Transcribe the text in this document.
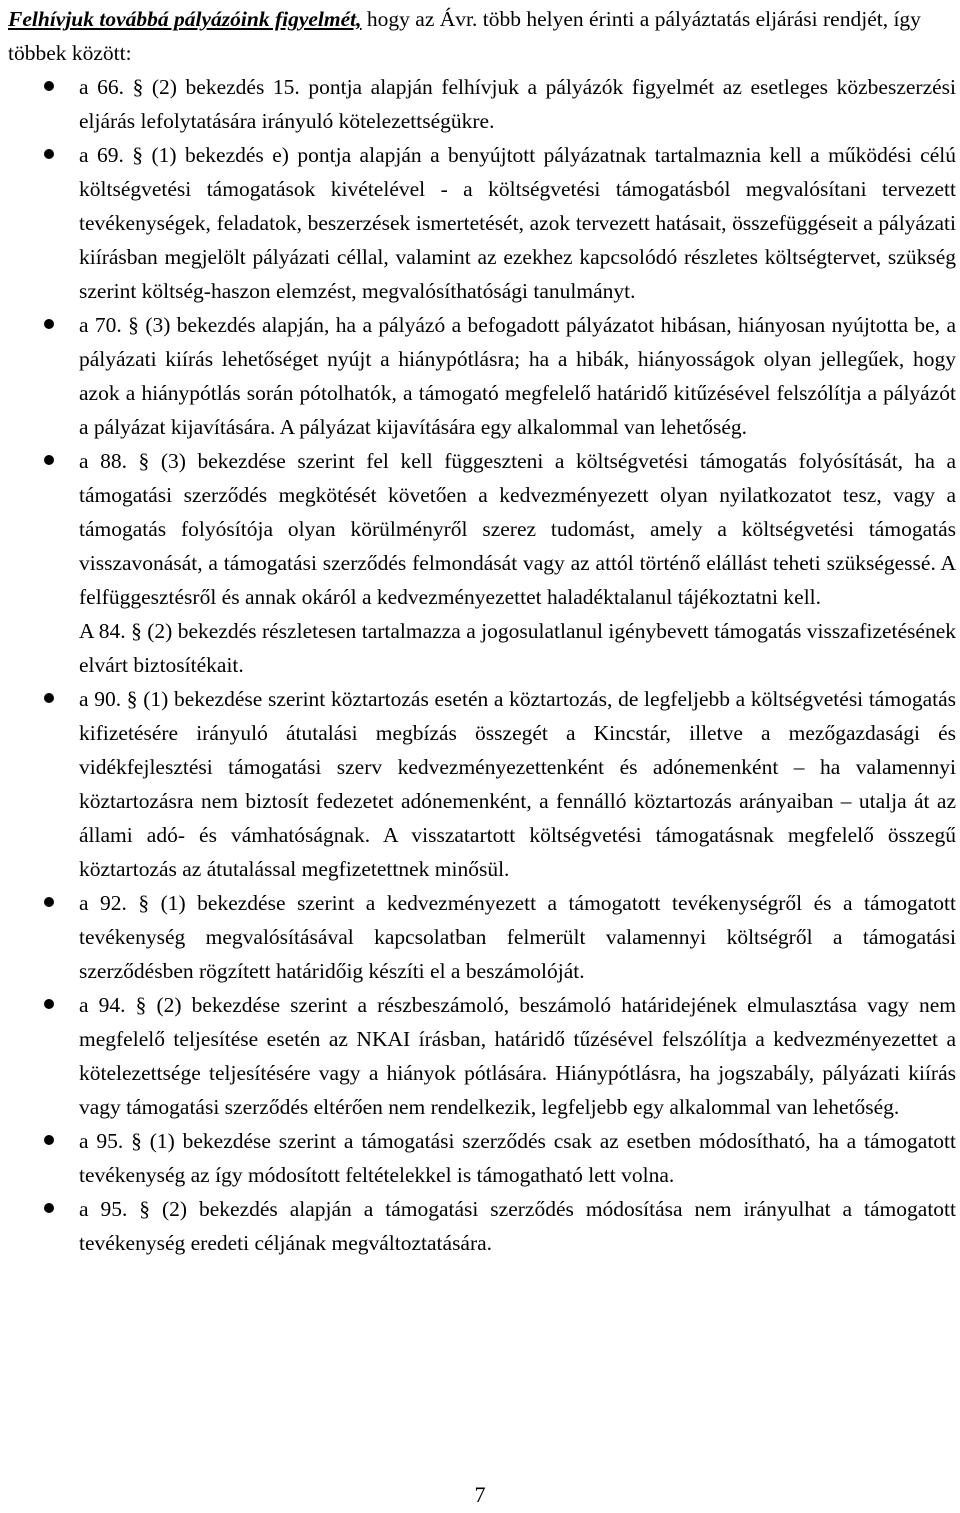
Felhívjuk továbbá pályázóink figyelmét, hogy az Ávr. több helyen érinti a pályáztatás eljárási rendjét, így többek között:
a 66. § (2) bekezdés 15. pontja alapján felhívjuk a pályázók figyelmét az esetleges közbeszerzési eljárás lefolytatására irányuló kötelezettségükre.
a 69. § (1) bekezdés e) pontja alapján a benyújtott pályázatnak tartalmaznia kell a működési célú költségvetési támogatások kivételével - a költségvetési támogatásból megvalósítani tervezett tevékenységek, feladatok, beszerzések ismertetését, azok tervezett hatásait, összefüggéseit a pályázati kiírásban megjelölt pályázati céllal, valamint az ezekhez kapcsolódó részletes költségtervet, szükség szerint költség-haszon elemzést, megvalósíthatósági tanulmányt.
a 70. § (3) bekezdés alapján, ha a pályázó a befogadott pályázatot hibásan, hiányosan nyújtotta be, a pályázati kiírás lehetőséget nyújt a hiánypótlásra; ha a hibák, hiányosságok olyan jellegűek, hogy azok a hiánypótlás során pótolhatók, a támogató megfelelő határidő kitűzésével felszólítja a pályázót a pályázat kijavítására. A pályázat kijavítására egy alkalommal van lehetőség.
a 88. § (3) bekezdése szerint fel kell függeszteni a költségvetési támogatás folyósítását, ha a támogatási szerződés megkötését követően a kedvezményezett olyan nyilatkozatot tesz, vagy a támogatás folyósítója olyan körülményről szerez tudomást, amely a költségvetési támogatás visszavonását, a támogatási szerződés felmondását vagy az attól történő elállást teheti szükségessé. A felfüggesztésről és annak okáról a kedvezményezettet haladéktalanul tájékoztatni kell.
A 84. § (2) bekezdés részletesen tartalmazza a jogosulatlanul igénybevett támogatás visszafizetésének elvárt biztosítékait.
a 90. § (1) bekezdése szerint köztartozás esetén a köztartozás, de legfeljebb a költségvetési támogatás kifizetésére irányuló átutalási megbízás összegét a Kincstár, illetve a mezőgazdasági és vidékfejlesztési támogatási szerv kedvezményezettenként és adónemenként – ha valamennyi köztartozásra nem biztosít fedezetet adónemenként, a fennálló köztartozás arányaiban – utalja át az állami adó- és vámhatóságnak. A visszatartott költségvetési támogatásnak megfelelő összegű köztartozás az átutalással megfizetettnek minősül.
a 92. § (1) bekezdése szerint a kedvezményezett a támogatott tevékenységről és a támogatott tevékenység megvalósításával kapcsolatban felmerült valamennyi költségről a támogatási szerződésben rögzített határidőig készíti el a beszámolóját.
a 94. § (2) bekezdése szerint a részbeszámoló, beszámoló határidejének elmulasztása vagy nem megfelelő teljesítése esetén az NKAI írásban, határidő tűzésével felszólítja a kedvezményezettet a kötelezettsége teljesítésére vagy a hiányok pótlására. Hiánypótlásra, ha jogszabály, pályázati kiírás vagy támogatási szerződés eltérően nem rendelkezik, legfeljebb egy alkalommal van lehetőség.
a 95. § (1) bekezdése szerint a támogatási szerződés csak az esetben módosítható, ha a támogatott tevékenység az így módosított feltételekkel is támogatható lett volna.
a 95. § (2) bekezdés alapján a támogatási szerződés módosítása nem irányulhat a támogatott tevékenység eredeti céljának megváltoztatására.
7
